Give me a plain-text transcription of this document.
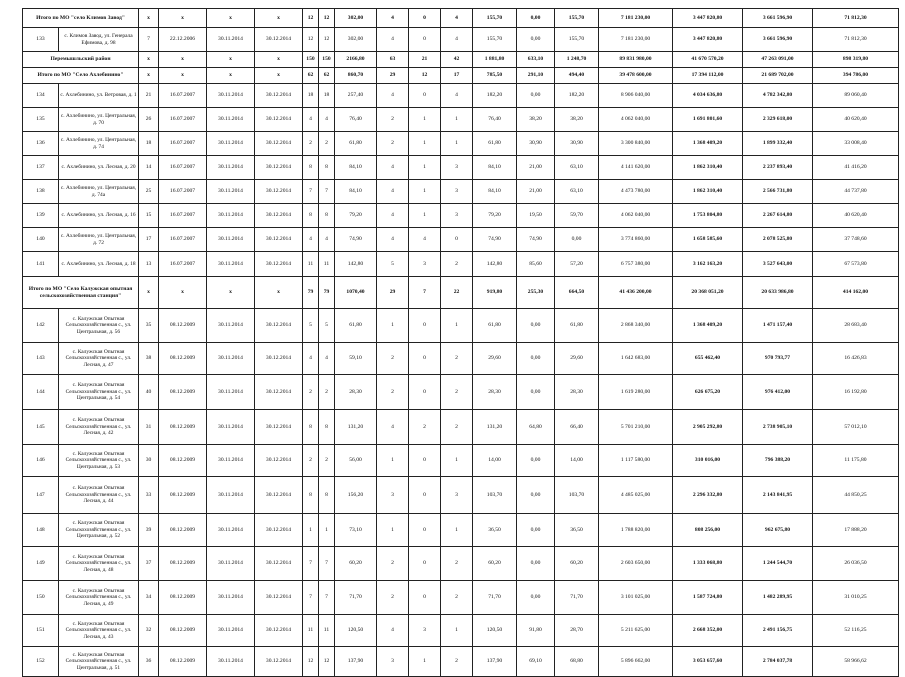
Итого по МО "село Климов Завод"		x	x	x	x	12	12	302,00	4	0	4	155,70	0,00	155,70	7 181 230,00	3 447 820,80	3 661 596,90	71 812,30
133	с. Климов Завод, ул. Генерала Ефимова, д. 98	7	22.12.2006	30.11.2014	30.12.2014	12	12	302,00	4	0	4	155,70	0,00	155,70	7 181 230,00	3 447 820,80	3 661 596,90	71 812,30
Перемышльский район		x	x	x	x	150	150	2166,80	63	21	42	1 881,80	633,10	1 248,70	89 831 980,00	41 670 570,20	47 263 091,00	898 319,80
Итого по МО "Село Ахлебинино"		x	x	x	x	62	62	860,70	29	12	17	785,50	291,10	494,40	39 478 600,00	17 394 112,00	21 689 702,00	394 786,00
134	с. Ахлебинино, ул. Ветровая, д. 1	21	16.07.2007	30.11.2014	30.12.2014	18	18	257,40	4	0	4	182,20	0,00	182,20	8 906 040,00	4 034 636,80	4 782 342,80	89 060,40
135	с. Ахлебинино, ул. Центральная, д. 70	26	16.07.2007	30.11.2014	30.12.2014	4	4	76,40	2	1	1	76,40	38,20	38,20	4 062 040,00	1 691 801,60	2 329 618,00	40 620,40
136	с. Ахлебинино, ул. Центральная, д. 74	18	16.07.2007	30.11.2014	30.12.2014	2	2	61,80	2	1	1	61,80	30,90	30,90	3 300 840,00	1 368 409,20	1 899 332,40	33 008,40
137	с. Ахлебинино, ул. Лесная, д. 20	14	16.07.2007	30.11.2014	30.12.2014	8	8	84,10	4	1	3	84,10	21,00	63,10	4 141 620,00	1 862 310,40	2 237 893,40	41 416,20
138	с. Ахлебинино, ул. Центральная, д. 74а	25	16.07.2007	30.11.2014	30.12.2014	7	7	84,10	4	1	3	84,10	21,00	63,10	4 473 780,00	1 862 310,40	2 566 731,80	44 737,80
139	с. Ахлебинино, ул. Лесная, д. 16	15	16.07.2007	30.11.2014	30.12.2014	8	8	79,20	4	1	3	79,20	19,50	59,70	4 062 040,00	1 753 804,80	2 267 614,80	40 620,40
140	с. Ахлебинино, ул. Центральная, д. 72	17	16.07.2007	30.11.2014	30.12.2014	4	4	74,90	4	4	0	74,90	74,90	0,00	3 774 860,00	1 658 585,60	2 078 525,80	37 748,60
141	с. Ахлебинино, ул. Лесная, д. 18	13	16.07.2007	30.11.2014	30.12.2014	11	11	142,80	5	3	2	142,80	85,60	57,20	6 757 380,00	3 162 163,20	3 527 643,00	67 573,80
Итого по МО "Село Калужская опытная сельскохозяйственная станция"		x	x	x	x	79	79	1070,40	29	7	22	919,80	255,30	664,50	41 436 200,00	20 368 051,20	20 633 986,80	414 162,00
142	с. Калужская Опытная Сельскохозяйственная с., ул. Центральная, д. 56	35	08.12.2009	30.11.2014	30.12.2014	5	5	61,80	1	0	1	61,80	0,00	61,80	2 868 340,00	1 368 409,20	1 471 157,40	28 683,40
143	с. Калужская Опытная Сельскохозяйственная с., ул. Лесная, д. 47	38	08.12.2009	30.11.2014	30.12.2014	4	4	59,10	2	0	2	29,60	0,00	29,60	1 642 683,00	655 462,40	970 793,77	16 426,83
144	с. Калужская Опытная Сельскохозяйственная с., ул. Центральная, д. 54	40	08.12.2009	30.11.2014	30.12.2014	2	2	28,30	2	0	2	28,30	0,00	28,30	1 619 280,00	626 675,20	976 412,00	16 192,80
145	с. Калужская Опытная Сельскохозяйственная с., ул. Лесная, д. 42	31	08.12.2009	30.11.2014	30.12.2014	8	8	131,20	4	2	2	131,20	64,80	66,40	5 701 210,00	2 905 292,80	2 738 905,10	57 012,10
146	с. Калужская Опытная Сельскохозяйственная с., ул. Центральная, д. 53	30	08.12.2009	30.11.2014	30.12.2014	2	2	56,00	1	0	1	14,00	0,00	14,00	1 117 580,00	310 016,00	796 388,20	11 175,80
147	с. Калужская Опытная Сельскохозяйственная с., ул. Лесная, д. 44	33	08.12.2009	30.11.2014	30.12.2014	8	8	156,20	3	0	3	103,70	0,00	103,70	4 485 025,00	2 296 332,80	2 143 841,95	44 850,25
148	с. Калужская Опытная Сельскохозяйственная с., ул. Центральная, д. 52	39	08.12.2009	30.11.2014	30.12.2014	1	1	73,10	1	0	1	36,50	0,00	36,50	1 788 820,00	808 256,00	962 675,80	17 888,20
149	с. Калужская Опытная Сельскохозяйственная с., ул. Лесная, д. 48	37	08.12.2009	30.11.2014	30.12.2014	7	7	60,20	2	0	2	60,20	0,00	60,20	2 603 650,00	1 333 068,80	1 244 544,70	26 036,50
150	с. Калужская Опытная Сельскохозяйственная с., ул. Лесная, д. 49	34	08.12.2009	30.11.2014	30.12.2014	7	7	71,70	2	0	2	71,70	0,00	71,70	3 101 025,00	1 587 724,80	1 482 289,95	31 010,25
151	с. Калужская Опытная Сельскохозяйственная с., ул. Лесная, д. 43	32	08.12.2009	30.11.2014	30.12.2014	11	11	120,50	4	3	1	120,50	91,80	28,70	5 211 625,00	2 668 352,00	2 491 156,75	52 116,25
152	с. Калужская Опытная Сельскохозяйственная с., ул. Центральная, д. 51	36	08.12.2009	30.11.2014	30.12.2014	12	12	137,90	3	1	2	137,90	69,10	68,80	5 896 662,00	3 053 657,60	2 784 037,78	58 966,62
